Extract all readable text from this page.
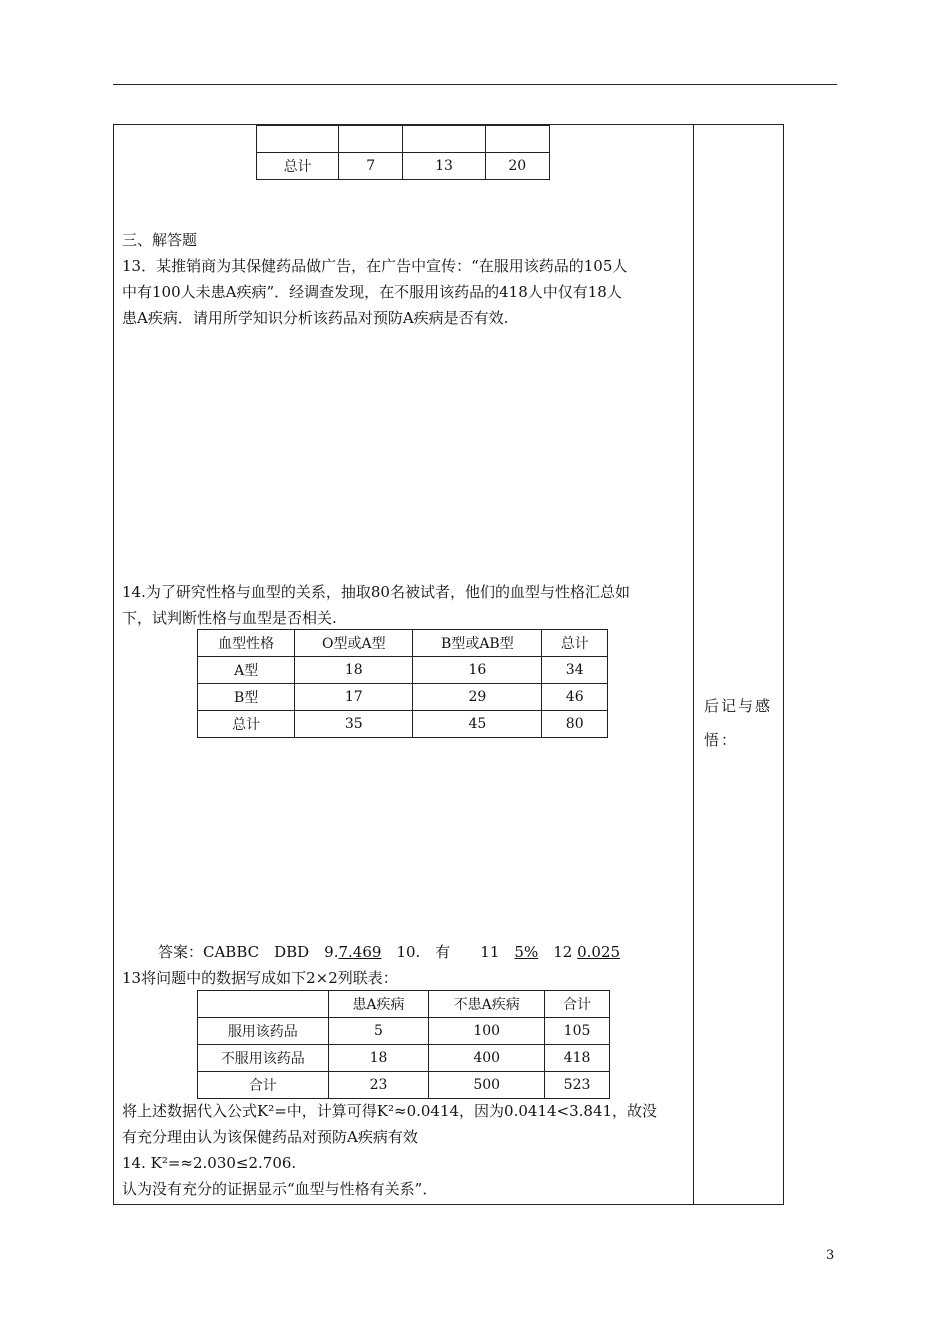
总计	7	13	20
三、解答题
13．某推销商为其保健药品做广告，在广告中宣传：“在服用该药品的105人
中有100人未患A疾病”．经调查发现，在不服用该药品的418人中仅有18人
患A疾病．请用所学知识分析该药品对预防A疾病是否有效.
14.为了研究性格与血型的关系，抽取80名被试者，他们的血型与性格汇总如
下，试判断性格与血型是否相关.
血型性格	O型或A型	B型或AB型	总计
A型	18	16	34
B型	17	29	46
总计	35	45	80
答案：CABBC　DBD　9.7.469　10.　有　　11　 5%　12 0.025
13将问题中的数据写成如下2×2列联表：
	患A疾病	不患A疾病	合计
服用该药品	5	100	105
不服用该药品	18	400	418
合计	23	500	523
将上述数据代入公式K²=中，计算可得K²≈0.0414，因为0.0414<3.841，故没
有充分理由认为该保健药品对预防A疾病有效
14. K²=≈2.030≤2.706.
认为没有充分的证据显示“血型与性格有关系”．
后记与感
悟：
3
